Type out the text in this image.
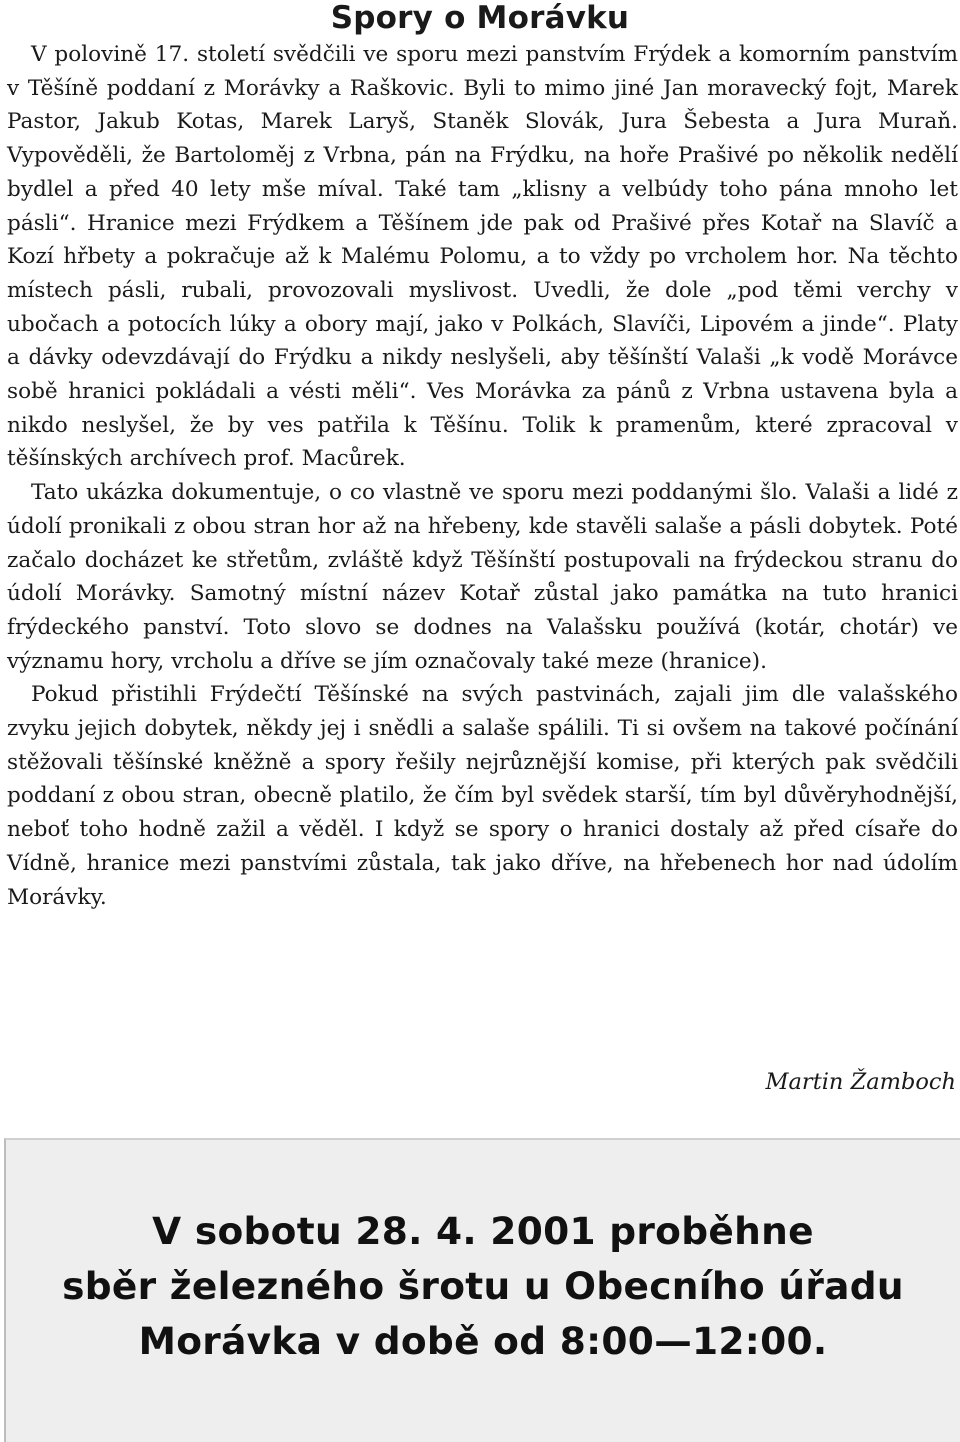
Spory o Morávku

V polovině 17. století svědčili ve sporu mezi panstvím Frýdek a komorním panstvím v Těšíně poddaní z Morávky a Raškovic. Byli to mimo jiné Jan moravecký fojt, Marek Pastor, Jakub Kotas, Marek Laryš, Staněk Slovák, Jura Šebesta a Jura Muraň. Vypověděli, že Bartoloměj z Vrbna, pán na Frýdku, na hoře Prašivé po několik nedělí bydlel a před 40 lety mše míval. Také tam „klisny a velbúdy toho pána mnoho let pásli“. Hranice mezi Frýdkem a Těšínem jde pak od Prašivé přes Kotař na Slavíč a Kozí hřbety a pokračuje až k Malému Polomu, a to vždy po vrcholem hor. Na těchto místech pásli, rubali, provozovali myslivost. Uvedli, že dole „pod těmi verchy v ubočach a potocích lúky a obory mají, jako v Polkách, Slavíči, Lipovém a jinde“. Platy a dávky odevzdávají do Frýdku a nikdy neslyšeli, aby těšínští Valaši „k vodě Morávce sobě hranici pokládali a vésti měli“. Ves Morávka za pánů z Vrbna ustavena byla a nikdo neslyšel, že by ves patřila k Těšínu. Tolik k pramenům, které zpracoval v těšínských archívech prof. Macůrek.

Tato ukázka dokumentuje, o co vlastně ve sporu mezi poddanými šlo. Valaši a lidé z údolí pronikali z obou stran hor až na hřebeny, kde stavěli salaše a pásli dobytek. Poté začalo docházet ke střetům, zvláště když Těšínští postupovali na frýdeckou stranu do údolí Morávky. Samotný místní název Kotař zůstal jako památka na tuto hranici frýdeckého panství. Toto slovo se dodnes na Valašsku používá (kotár, chotár) ve významu hory, vrcholu a dříve se jím označovaly také meze (hranice).

Pokud přistihli Frýdečtí Těšínské na svých pastvinách, zajali jim dle valašského zvyku jejich dobytek, někdy jej i snědli a salaše spálili. Ti si ovšem na takové počínání stěžovali těšínské kněžně a spory řešily nejrůznější komise, při kterých pak svědčili poddaní z obou stran, obecně platilo, že čím byl svědek starší, tím byl důvěryhodnější, neboť toho hodně zažil a věděl. I když se spory o hranici dostaly až před císaře do Vídně, hranice mezi panstvími zůstala, tak jako dříve, na hřebenech hor nad údolím Morávky.

Martin Žamboch
V sobotu 28. 4. 2001 proběhne
sběr železného šrotu u Obecního úřadu
Morávka v době od 8:00—12:00.
